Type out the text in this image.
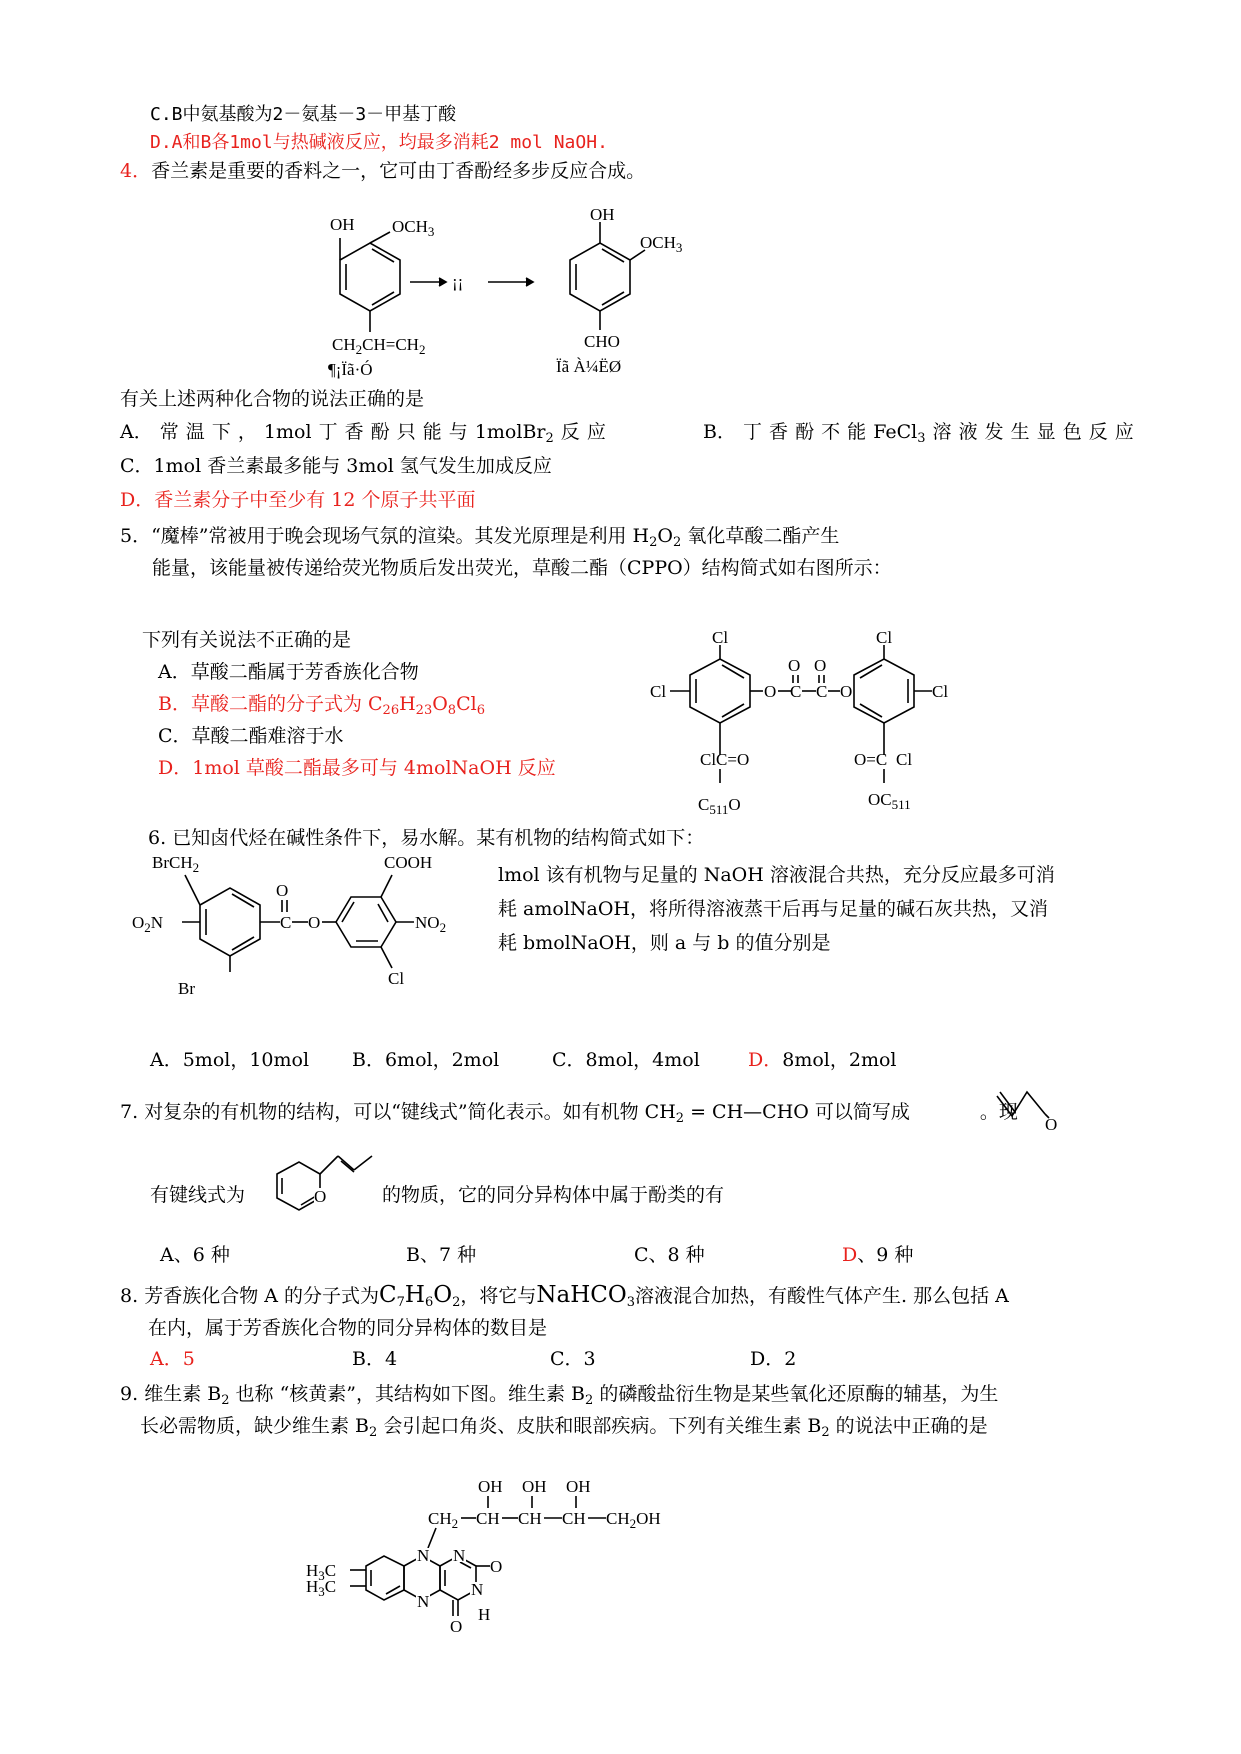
C.B中氨基酸为2－氨基－3－甲基丁酸
D.A和B各1mol与热碱液反应，均最多消耗2 mol NaOH.
4．香兰素是重要的香料之一，它可由丁香酚经多步反应合成。
OH $OCH_3$
$CH_2CH=CH_2$
¶¡Ïã·Ó
¡¡
OH
$OCH_3$
CHO
Ïã À¼ËØ
有关上述两种化合物的说法正确的是
A． 常 温 下 ， 1mol 丁 香 酚 只 能 与 1molBr$_2$ 反 应	B． 丁 香 酚 不 能 FeCl$_3$ 溶 液 发 生 显 色 反 应
C．1mol 香兰素最多能与 3mol 氢气发生加成反应
D．香兰素分子中至少有 12 个原子共平面
5．“魔棒”常被用于晚会现场气氛的渲染。其发光原理是利用 $H_2O_2$ 氧化草酸二酯产生
能量，该能量被传递给荧光物质后发出荧光，草酸二酯（CPPO）结构简式如右图所示：
下列有关说法不正确的是
A．草酸二酯属于芳香族化合物
B．草酸二酯的分子式为 $C_{26}H_{23}O_8Cl_6$
C．草酸二酯难溶于水
D．1mol 草酸二酯最多可与 4molNaOH 反应
Cl
Cl	O C C O
O O
ClC=O
$C_511O$
Cl
Cl
O=C Cl
$OC_511$
6. 已知卤代烃在碱性条件下，易水解。某有机物的结构简式如下：
BrCH$_2$
$O_2N$
Br
C
O
O
COOH
$NO_2$
Cl
lmol 该有机物与足量的 NaOH 溶液混合共热，充分反应最多可消
耗 amolNaOH，将所得溶液蒸干后再与足量的碱石灰共热，又消
耗 bmolNaOH，则 a 与 b 的值分别是
A．5mol，10mol B．6mol，2mol	C．8mol，4mol	D．8mol，2mol
7. 对复杂的有机物的结构，可以“键线式”简化表示。如有机物 $CH_2$ = CH—CHO 可以简写成	。现
O
有键线式为	O	的物质，它的同分异构体中属于酚类的有
A、6 种	B、7 种	C、8 种	D、9 种
8. 芳香族化合物 A 的分子式为$C_7H_6O_2$，将它与NaHCO$_3$溶液混合加热，有酸性气体产生. 那么包括 A
在内，属于芳香族化合物的同分异构体的数目是
A．5	B．4	C．3	D．2
9. 维生素 $B_2$ 也称 “核黄素”，其结构如下图。维生素 $B_2$ 的磷酸盐衍生物是某些氧化还原酶的辅基，为生
长必需物质，缺少维生素 $B_2$ 会引起口角炎、皮肤和眼部疾病。下列有关维生素 $B_2$ 的说法中正确的是
OH OH OH
$CH_2$ CH CH CH $CH_2OH$
N
N
N
N
O
O
H
$H_3C$
$H_3C$
